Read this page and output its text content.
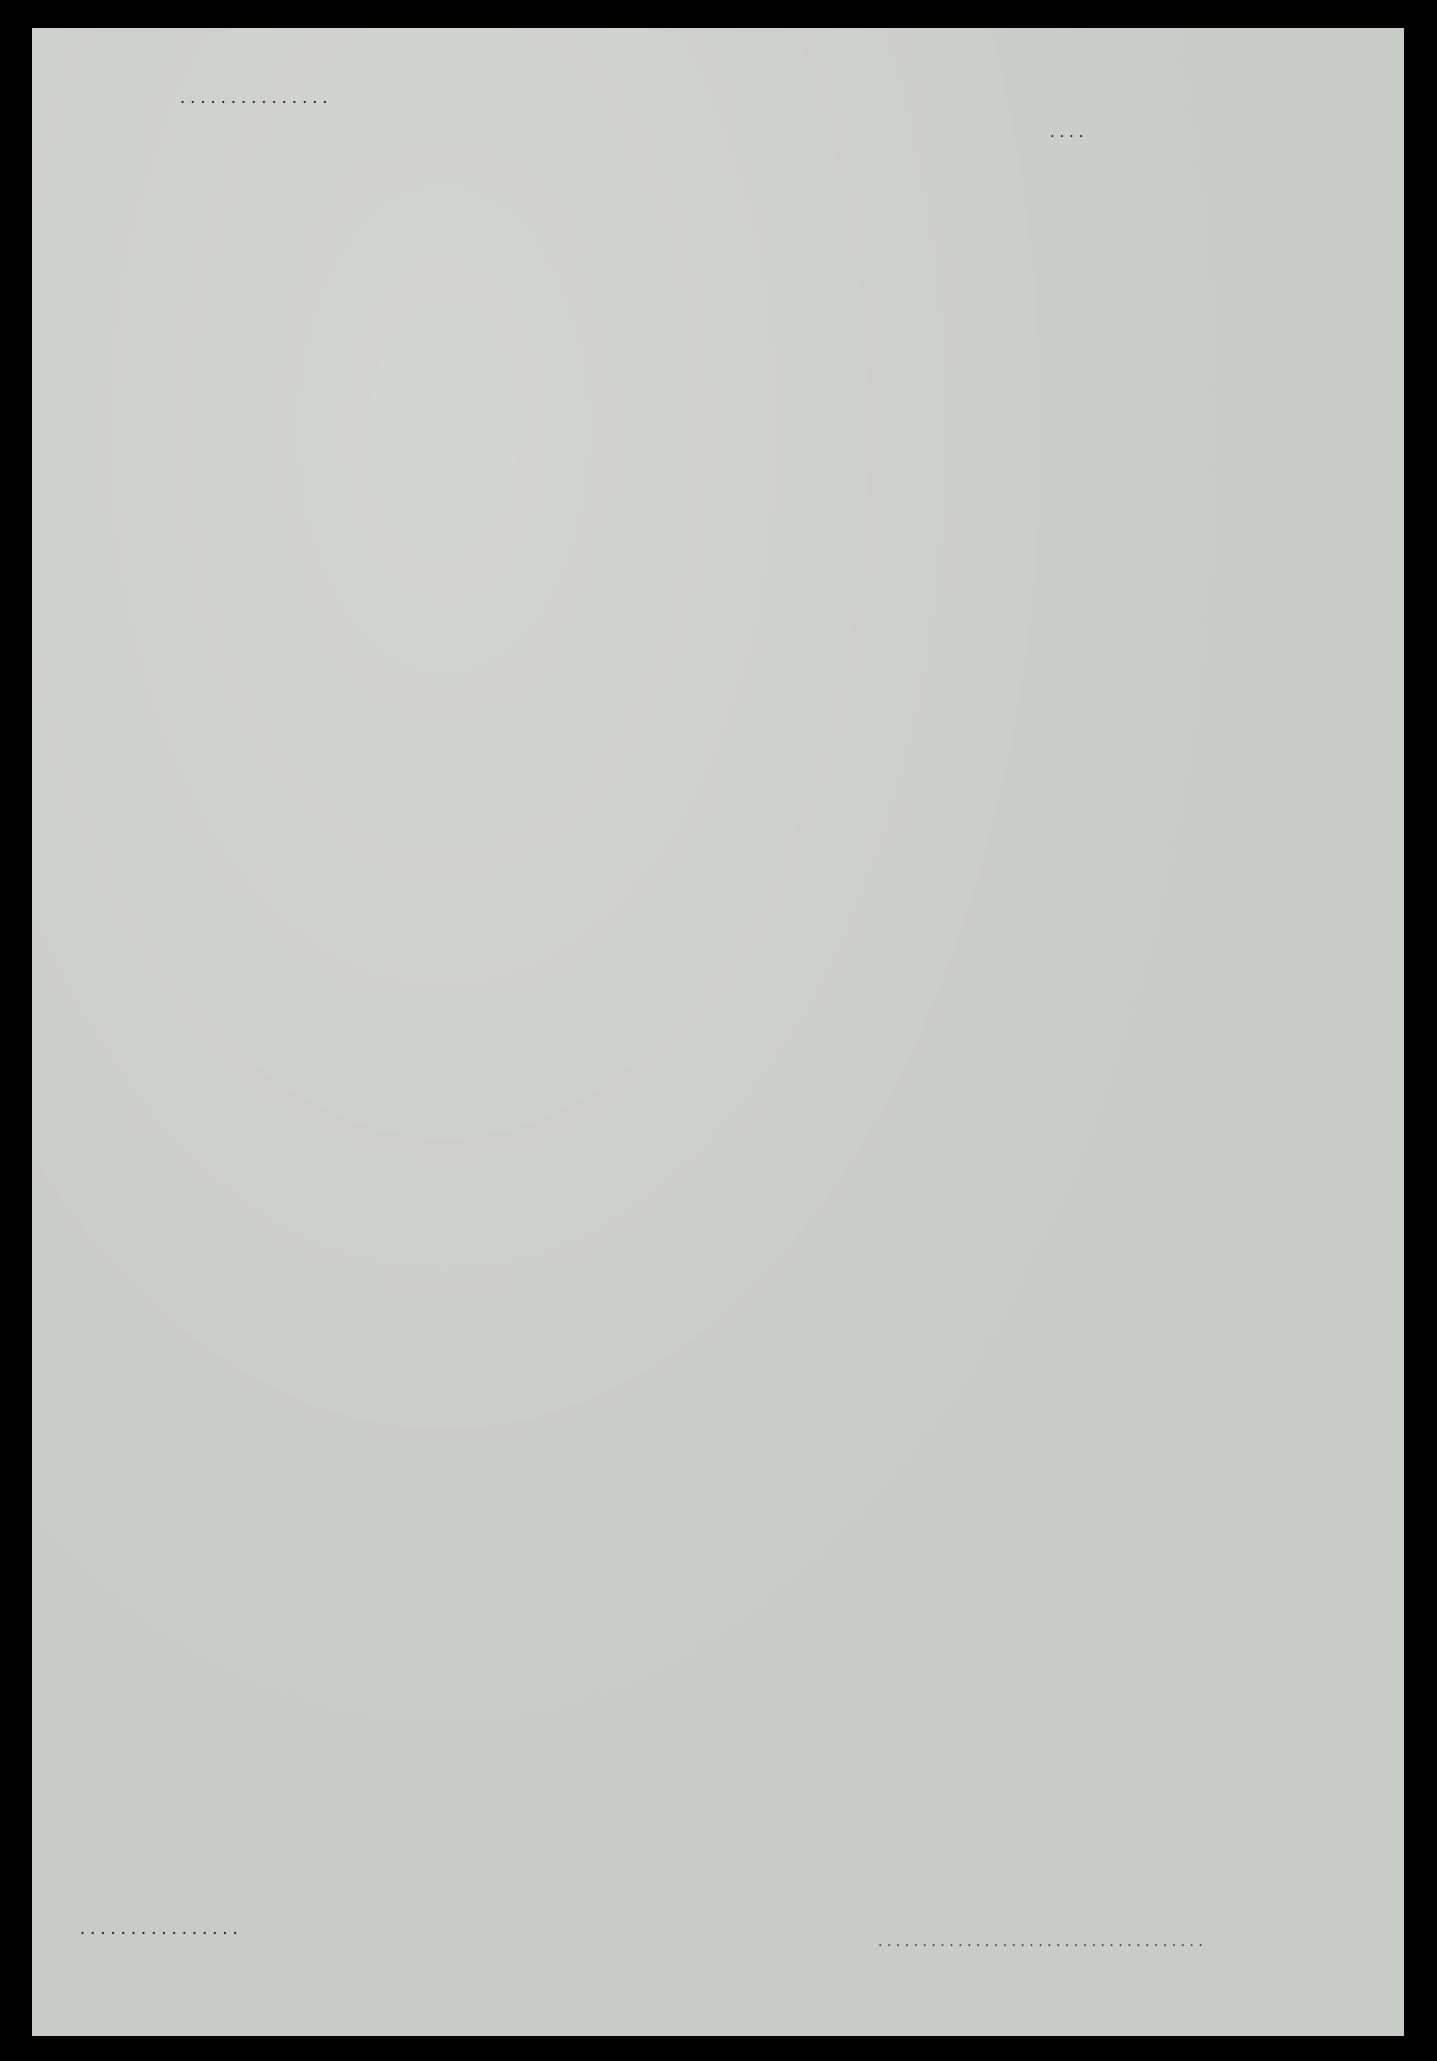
. . . . . . . . . . . . . . .
. . . .

. . . . . . . . . . . . . . . .
. . . . . . . . . . . . . . . . . . . . . . . . . . . . . . . . . . . . .
